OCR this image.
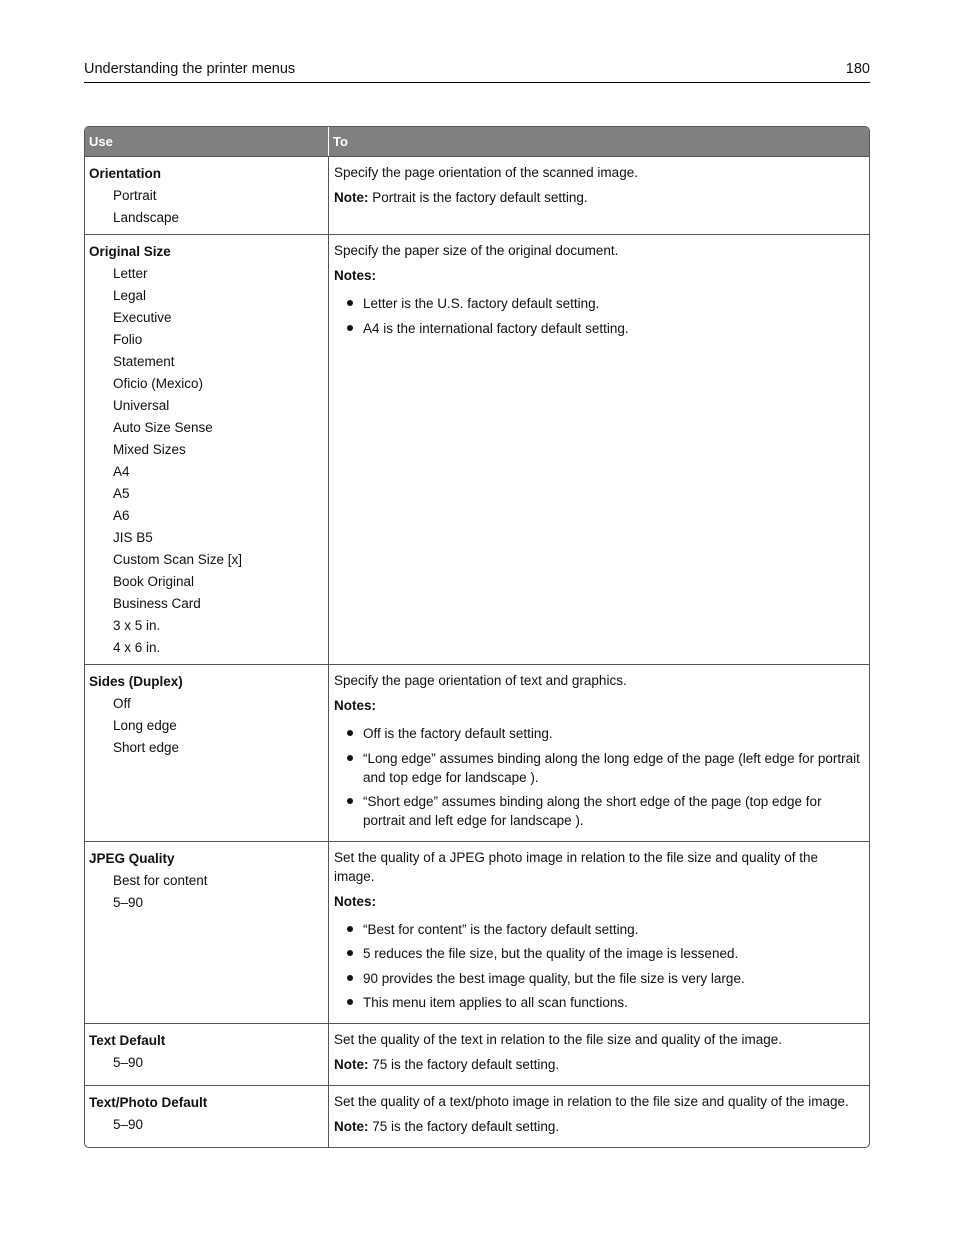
Understanding the printer menus	180
Use	To
Orientation
Portrait
Landscape
Specify the page orientation of the scanned image.
Note: Portrait is the factory default setting.
Original Size
Letter
Legal
Executive
Folio
Statement
Oficio (Mexico)
Universal
Auto Size Sense
Mixed Sizes
A4
A5
A6
JIS B5
Custom Scan Size [x]
Book Original
Business Card
3 x 5 in.
4 x 6 in.
Specify the paper size of the original document.
Notes:
Letter is the U.S. factory default setting.
A4 is the international factory default setting.
Sides (Duplex)
Off
Long edge
Short edge
Specify the page orientation of text and graphics.
Notes:
Off is the factory default setting.
“Long edge” assumes binding along the long edge of the page (left edge for portrait and top edge for landscape ).
“Short edge” assumes binding along the short edge of the page (top edge for portrait and left edge for landscape ).
JPEG Quality
Best for content
5–90
Set the quality of a JPEG photo image in relation to the file size and quality of the image.
Notes:
“Best for content” is the factory default setting.
5 reduces the file size, but the quality of the image is lessened.
90 provides the best image quality, but the file size is very large.
This menu item applies to all scan functions.
Text Default
5–90
Set the quality of the text in relation to the file size and quality of the image.
Note: 75 is the factory default setting.
Text/Photo Default
5–90
Set the quality of a text/photo image in relation to the file size and quality of the image.
Note: 75 is the factory default setting.
